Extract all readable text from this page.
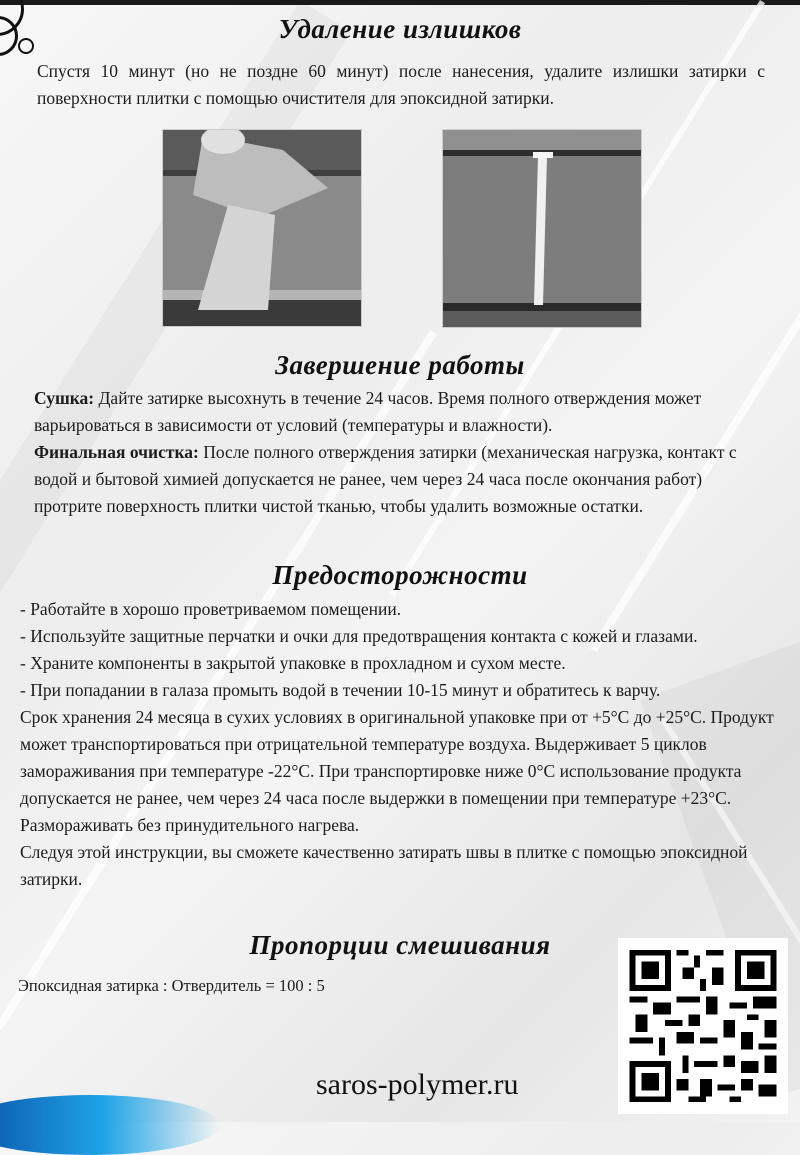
Удаление излишков
Спустя 10 минут (но не поздне 60 минут) после нанесения, удалите излишки затирки с поверхности плитки с помощью очистителя для эпоксидной затирки.
Завершение работы
Сушка: Дайте затирке высохнуть в течение 24 часов. Время полного отверждения может варьироваться в зависимости от условий (температуры и влажности).
Финальная очистка: После полного отверждения затирки (механическая нагрузка, контакт с водой и бытовой химией допускается не ранее, чем через 24 часа после окончания работ) протрите поверхность плитки чистой тканью, чтобы удалить возможные остатки.
Предосторожности
- Работайте в хорошо проветриваемом помещении.
- Используйте защитные перчатки и очки для предотвращения контакта с кожей и глазами.
- Храните компоненты в закрытой упаковке в прохладном и сухом месте.
- При попадании в галаза промыть водой в течении 10-15 минут и обратитесь к варчу.
Срок хранения 24 месяца в сухих условиях в оригинальной упаковке при от +5°C до +25°C. Продукт может транспортироваться при отрицательной температуре воздуха. Выдерживает 5 циклов замораживания при температуре -22°C. При транспортировке ниже 0°C использование продукта допускается не ранее, чем через 24 часа после выдержки в помещении при температуре +23°C. Размораживать без принудительного нагрева.
Следуя этой инструкции, вы сможете качественно затирать швы в плитке с помощью эпоксидной затирки.
Пропорции смешивания
Эпоксидная затирка : Отвердитель = 100 : 5
saros-polymer.ru
